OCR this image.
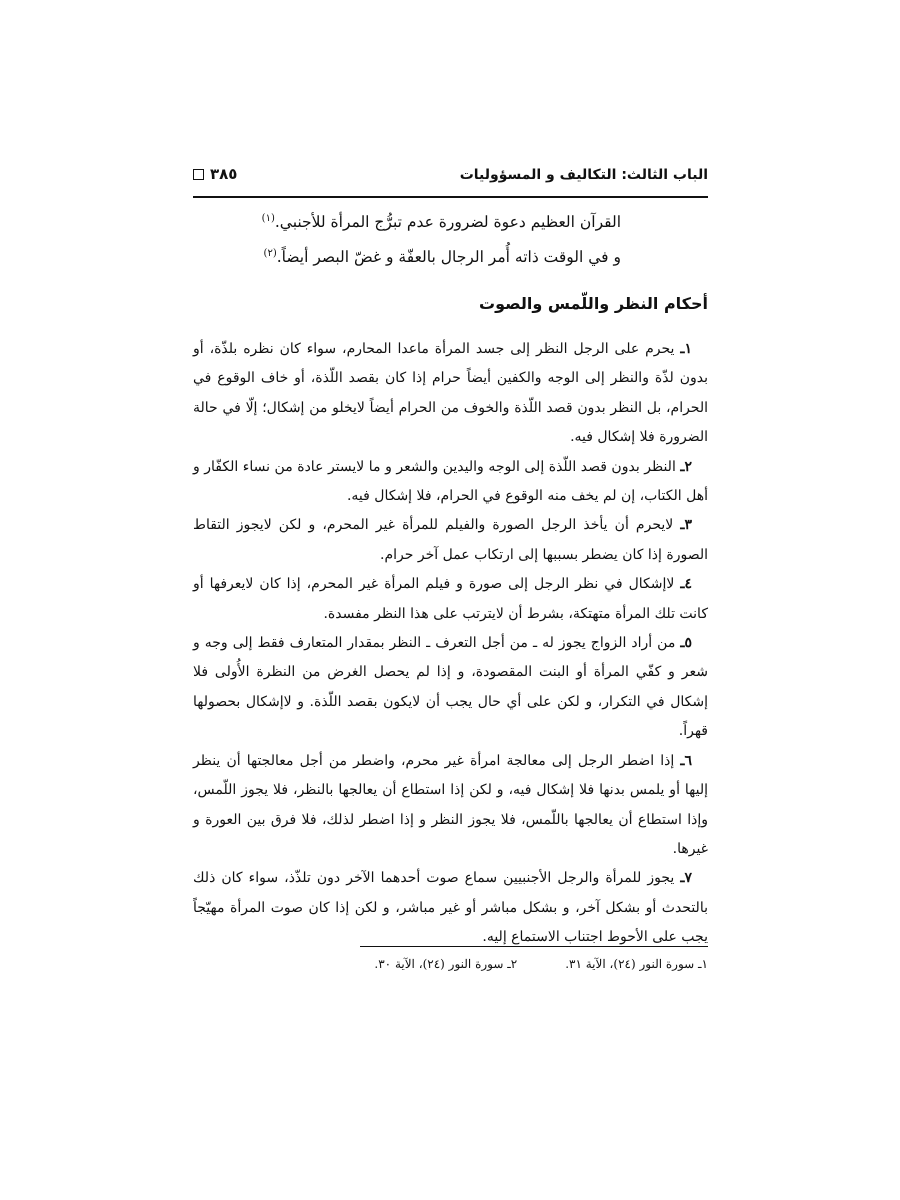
الباب الثالث: التكاليف و المسؤوليات
٣٨٥

القرآن العظيم دعوة لضرورة عدم تبرُّج المرأة للأجنبي.$^{(١)}$

و في الوقت ذاته أُمر الرجال بالعفّة و غضّ البصر أيضاً.$^{(٢)}$

أحكام النظر واللّمس والصوت

١ـ يحرم على الرجل النظر إلى جسد المرأة ماعدا المحارم، سواء كان نظره بلذّة، أو بدون لذّة والنظر إلى الوجه والكفين أيضاً حرام إذا كان بقصد اللّذة، أو خاف الوقوع في الحرام، بل النظر بدون قصد اللّذة والخوف من الحرام أيضاً لايخلو من إشكال؛ إلّا في حالة الضرورة فلا إشكال فيه.

٢ـ النظر بدون قصد اللّذة إلى الوجه واليدين والشعر و ما لايستر عادة من نساء الكفّار و أهل الكتاب، إن لم يخف منه الوقوع في الحرام، فلا إشكال فيه.

٣ـ لايحرم أن يأخذ الرجل الصورة والفيلم للمرأة غير المحرم، و لكن لايجوز التقاط الصورة إذا كان يضطر بسببها إلى ارتكاب عمل آخر حرام.

٤ـ لاإشكال في نظر الرجل إلى صورة و فيلم المرأة غير المحرم، إذا كان لايعرفها أو كانت تلك المرأة متهتكة، بشرط أن لايترتب على هذا النظر مفسدة.

٥ـ من أراد الزواج يجوز له ـ من أجل التعرف ـ النظر بمقدار المتعارف فقط إلى وجه و شعر و كفّي المرأة أو البنت المقصودة، و إذا لم يحصل الغرض من النظرة الأُولى فلا إشكال في التكرار، و لكن على أي حال يجب أن لايكون بقصد اللّذة. و لاإشكال بحصولها قهراً.

٦ـ إذا اضطر الرجل إلى معالجة امرأة غير محرم، واضطر من أجل معالجتها أن ينظر إليها أو يلمس بدنها فلا إشكال فيه، و لكن إذا استطاع أن يعالجها بالنظر، فلا يجوز اللّمس، وإذا استطاع أن يعالجها باللّمس، فلا يجوز النظر و إذا اضطر لذلك، فلا فرق بين العورة و غيرها.

٧ـ يجوز للمرأة والرجل الأجنبيين سماع صوت أحدهما الآخر دون تلذّذ، سواء كان ذلك بالتحدث أو بشكل آخر، و بشكل مباشر أو غير مباشر، و لكن إذا كان صوت المرأة مهيّجاً يجب على الأحوط اجتناب الاستماع إليه.

١ـ سورة النور (٢٤)، الآية ٣١.
٢ـ سورة النور (٢٤)، الآية ٣٠.
